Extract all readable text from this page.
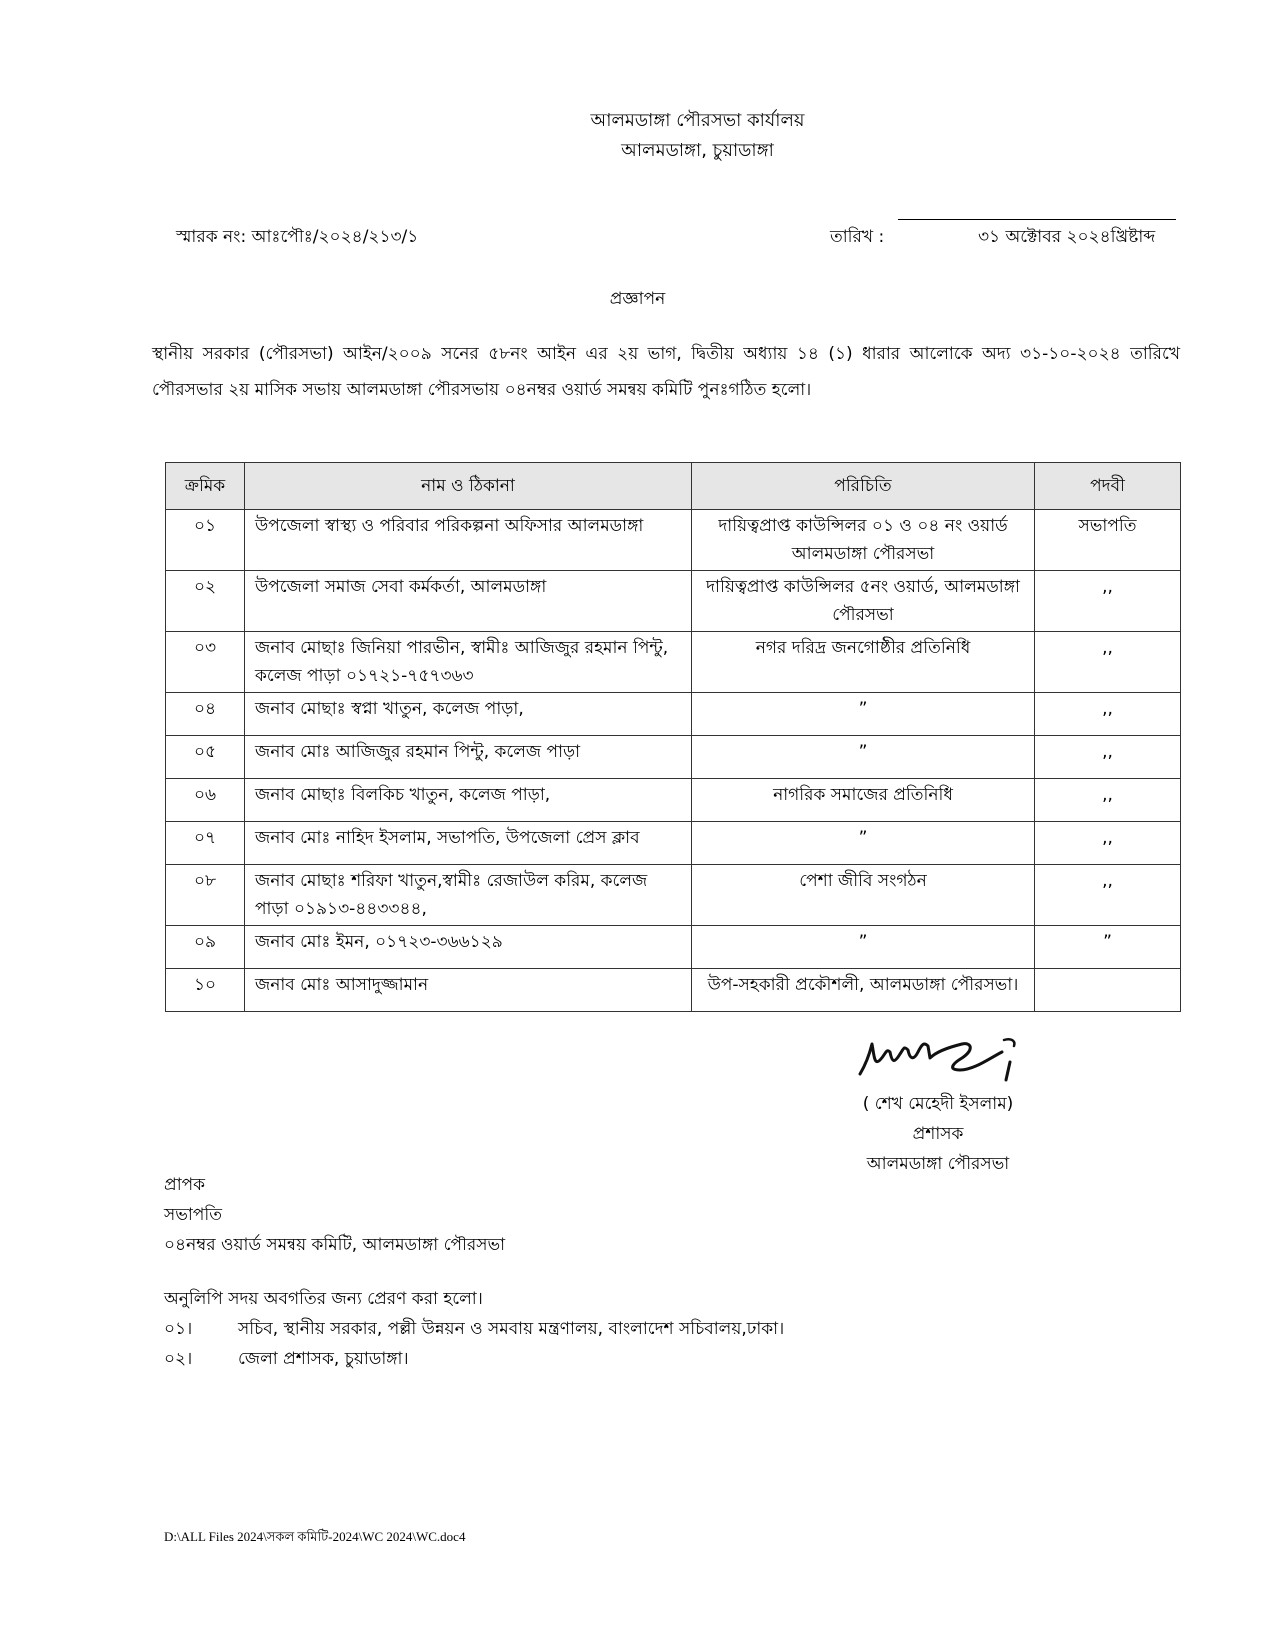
আলমডাঙ্গা পৌরসভা কার্যালয়
আলমডাঙ্গা, চুয়াডাঙ্গা
স্মারক নং: আঃপৌঃ/২০২৪/২১৩/১	তারিখ :	৩১ অক্টোবর ২০২৪খ্রিষ্টাব্দ
প্রজ্ঞাপন
স্থানীয় সরকার (পৌরসভা) আইন/২০০৯ সনের ৫৮নং আইন এর ২য় ভাগ, দ্বিতীয় অধ্যায় ১৪ (১) ধারার আলোকে অদ্য ৩১-১০-২০২৪ তারিখে পৌরসভার ২য় মাসিক সভায় আলমডাঙ্গা পৌরসভায় ০৪নম্বর ওয়ার্ড সমন্বয় কমিটি পুনঃগঠিত হলো।
ক্রমিক	নাম ও ঠিকানা	পরিচিতি	পদবী
০১	উপজেলা স্বাস্থ্য ও পরিবার পরিকল্পনা অফিসার আলমডাঙ্গা	দায়িত্বপ্রাপ্ত কাউন্সিলর ০১ ও ০৪ নং ওয়ার্ড আলমডাঙ্গা পৌরসভা	সভাপতি
০২	উপজেলা সমাজ সেবা কর্মকর্তা, আলমডাঙ্গা	দায়িত্বপ্রাপ্ত কাউন্সিলর ৫নং ওয়ার্ড, আলমডাঙ্গা পৌরসভা	,,
০৩	জনাব মোছাঃ জিনিয়া পারভীন, স্বামীঃ আজিজুর রহমান পিন্টু, কলেজ পাড়া ০১৭২১-৭৫৭৩৬৩	নগর দরিদ্র জনগোষ্ঠীর প্রতিনিধি	,,
০৪	জনাব মোছাঃ স্বপ্না খাতুন, কলেজ পাড়া,	”	,,
০৫	জনাব মোঃ আজিজুর রহমান পিন্টু, কলেজ পাড়া	”	,,
০৬	জনাব মোছাঃ বিলকিচ খাতুন, কলেজ পাড়া,	নাগরিক সমাজের প্রতিনিধি	,,
০৭	জনাব মোঃ নাহিদ ইসলাম, সভাপতি, উপজেলা প্রেস ক্লাব	”	,,
০৮	জনাব মোছাঃ শরিফা খাতুন,স্বামীঃ রেজাউল করিম, কলেজ পাড়া ০১৯১৩-৪৪৩৩৪৪,	পেশা জীবি সংগঠন	,,
০৯	জনাব মোঃ ইমন, ০১৭২৩-৩৬৬১২৯	”	”
১০	জনাব মোঃ আসাদুজ্জামান	উপ-সহকারী প্রকৌশলী, আলমডাঙ্গা পৌরসভা।	
( শেখ মেহেদী ইসলাম)
প্রশাসক
আলমডাঙ্গা পৌরসভা
প্রাপক
সভাপতি
০৪নম্বর ওয়ার্ড সমন্বয় কমিটি, আলমডাঙ্গা পৌরসভা
অনুলিপি সদয় অবগতির জন্য প্রেরণ করা হলো।
০১।	সচিব, স্থানীয় সরকার, পল্লী উন্নয়ন ও সমবায় মন্ত্রণালয়, বাংলাদেশ সচিবালয়,ঢাকা।
০২।	জেলা প্রশাসক, চুয়াডাঙ্গা।
D:\ALL Files 2024\সকল কমিটি-2024\WC 2024\WC.doc4
